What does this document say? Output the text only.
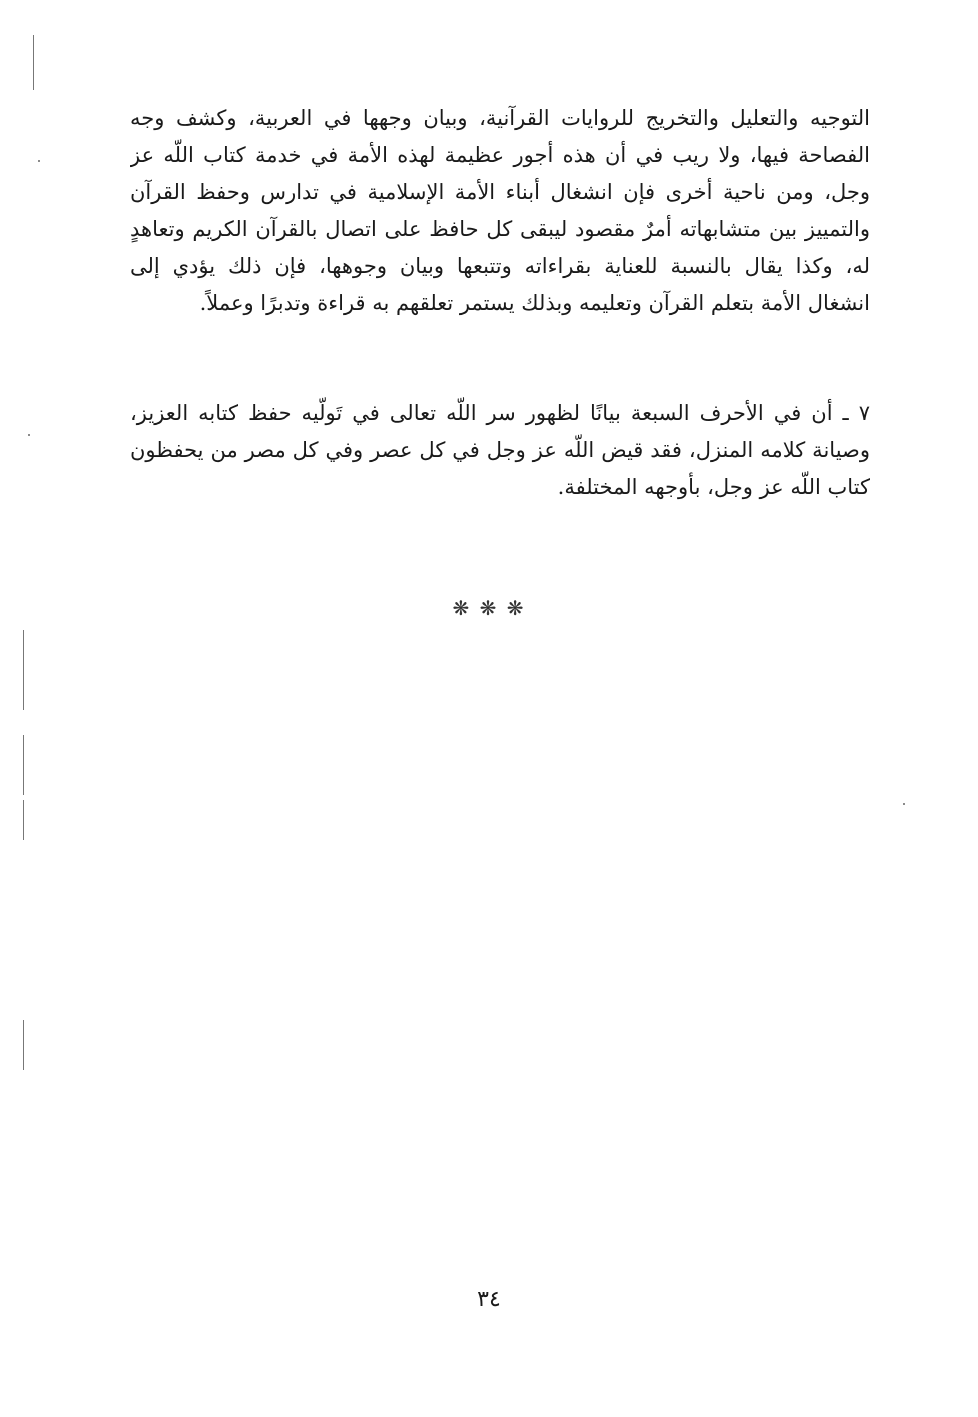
التوجيه والتعليل والتخريج للروايات القرآنية، وبيان وجهها في العربية، وكشف وجه
الفصاحة فيها، ولا ريب في أن هذه أجور عظيمة لهذه الأمة في خدمة كتاب اللّه عز
وجل، ومن ناحية أخرى فإن انشغال أبناء الأمة الإسلامية في تدارس وحفظ القرآن
والتمييز بين متشابهاته أمرٌ مقصود ليبقى كل حافظ على اتصال بالقرآن الكريم وتعاهدٍ
له، وكذا يقال بالنسبة للعناية بقراءاته وتتبعها وبيان وجوهها، فإن ذلك يؤدي إلى
انشغال الأمة بتعلم القرآن وتعليمه وبذلك يستمر تعلقهم به قراءة وتدبرًا وعملاً.
٧ ـ أن في الأحرف السبعة بيانًا لظهور سر اللّه تعالى في تَولّيه حفظ كتابه العزيز،
وصيانة كلامه المنزل، فقد قيض اللّه عز وجل في كل عصر وفي كل مصر من يحفظون
كتاب اللّه عز وجل، بأوجهه المختلفة.
❋ ❋ ❋
٣٤
